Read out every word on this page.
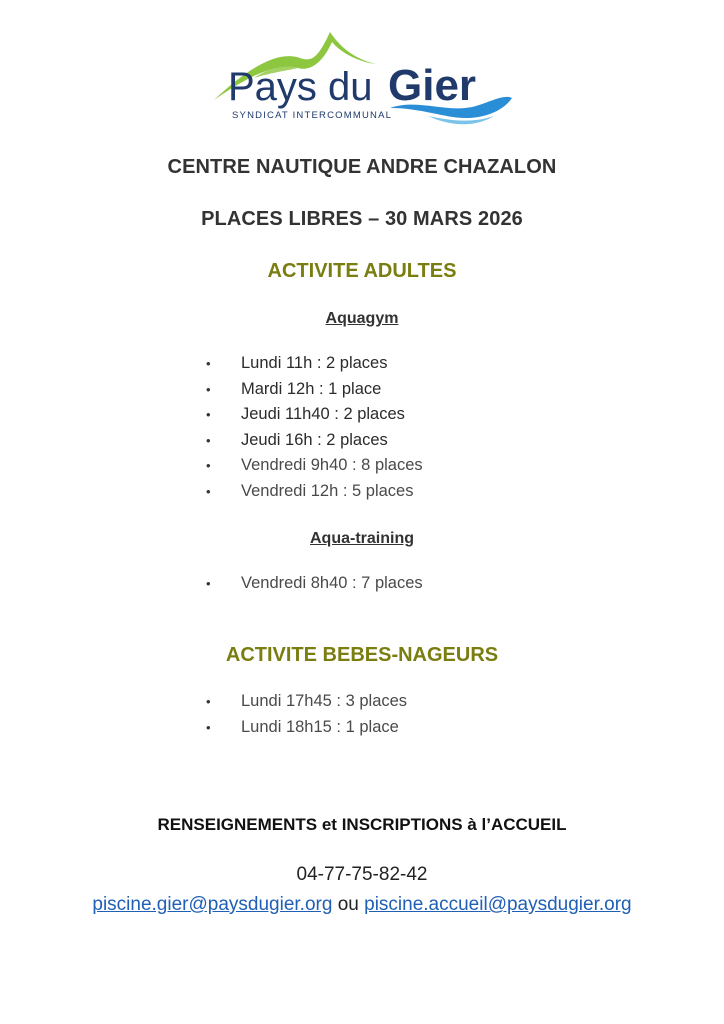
Pays du Gier
SYNDICAT INTERCOMMUNAL

CENTRE NAUTIQUE ANDRE CHAZALON

PLACES LIBRES – 30 MARS 2026

ACTIVITE ADULTES

Aquagym

• Lundi 11h : 2 places
• Mardi 12h : 1 place
• Jeudi 11h40 : 2 places
• Jeudi 16h : 2 places
• Vendredi 9h40 : 8 places
• Vendredi 12h : 5 places

Aqua-training

• Vendredi 8h40 : 7 places

ACTIVITE BEBES-NAGEURS

• Lundi 17h45 : 3 places
• Lundi 18h15 : 1 place

RENSEIGNEMENTS et INSCRIPTIONS à l’ACCUEIL

04-77-75-82-42

piscine.gier@paysdugier.org ou piscine.accueil@paysdugier.org
